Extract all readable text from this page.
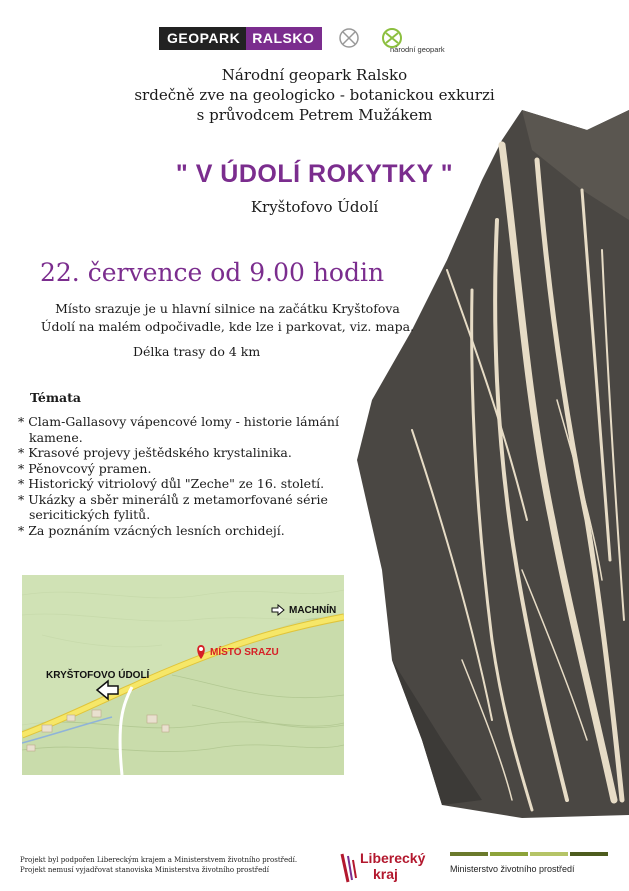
GEOPARK RALSKO
národní geopark
Národní geopark Ralsko
srdečně zve na geologicko - botanickou exkurzi
s průvodcem Petrem Mužákem
" V ÚDOLÍ ROKYTKY "
Kryštofovo Údolí
22. července od 9.00 hodin
Místo srazuje je u hlavní silnice na začátku Kryštofova
Údolí na malém odpočivadle, kde lze i parkovat, viz. mapa.
Délka trasy do 4 km
Témata
* Clam-Gallasovy vápencové lomy - historie lámání kamene.
* Krasové projevy ještědského krystalinika.
* Pěnovcový pramen.
* Historický vitriolový důl "Zeche" ze 16. století.
* Ukázky a sběr minerálů z metamorfované série sericitických fylitů.
* Za poznáním vzácných lesních orchidejí.
MACHNÍN
KRYŠTOFOVO ÚDOLÍ
MÍSTO SRAZU
Projekt byl podpořen Libereckým krajem a Ministerstvem životního prostředí.
Projekt nemusí vyjadřovat stanoviska Ministerstva životního prostředí
Liberecký
kraj	Ministerstvo životního prostředí
